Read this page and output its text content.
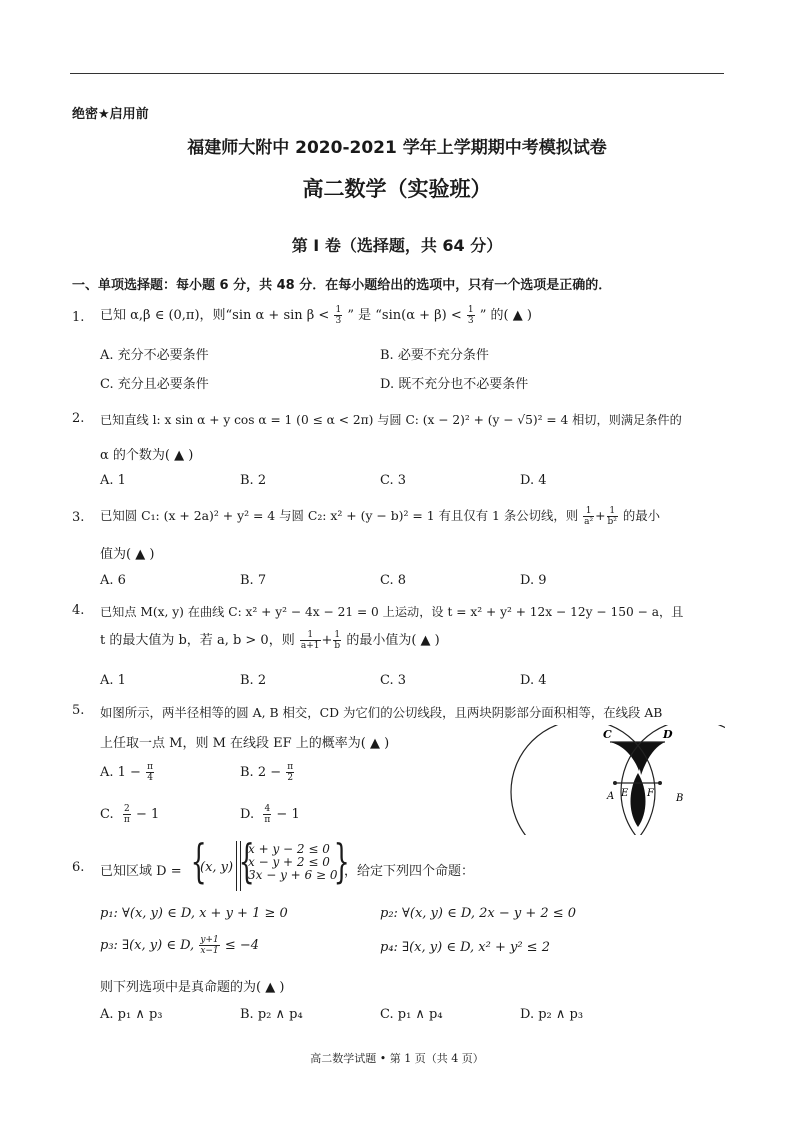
绝密★启用前
福建师大附中 2020-2021 学年上学期期中考模拟试卷
高二数学（实验班）
第 I 卷（选择题，共 64 分）
一、单项选择题：每小题 6 分，共 48 分．在每小题给出的选项中，只有一个选项是正确的．
1. 已知 α,β ∈ (0,π)，则“sin $\alpha + \sin \beta < \frac{1}{3}$ ” 是 “$\sin(\alpha + \beta) < \frac{1}{3}$ ” 的( ▲ )
A. 充分不必要条件	B. 必要不充分条件
C. 充分且必要条件	D. 既不充分也不必要条件
2. 已知直线 l: x sin α + y cos α = 1 (0 ≤ α < 2π) 与圆 C: (x − 2)² + (y − √5)² = 4 相切，则满足条件的
α 的个数为( ▲ )
A. 1	B. 2	C. 3	D. 4
3. 已知圆 C₁: (x + 2a)² + y² = 4 与圆 C₂: x² + (y − b)² = 1 有且仅有 1 条公切线，则 $\frac{1}{\text{a²}} + \frac{1}{\text{b²}}$ 的最小
值为( ▲ )
A. 6	B. 7	C. 8	D. 9
4. 已知点 M(x, y) 在曲线 C: x² + y² − 4x − 21 = 0 上运动，设 t = x² + y² + 12x − 12y − 150 − a，且
t 的最大值为 b，若 a, b > 0，则 $\frac{1}{a+1} + \frac{1}{b}$ 的最小值为( ▲ )
A. 1	B. 2	C. 3	D. 4
5. 如图所示，两半径相等的圆 A, B 相交，CD 为它们的公切线段，且两块阴影部分面积相等，在线段 AB
上任取一点 M，则 M 在线段 EF 上的概率为( ▲ )
A. $1 - \frac{\pi}{4}$	B. $2 - \frac{\pi}{2}$
C. $\frac{2}{\pi} - 1$	D. $\frac{4}{\pi} - 1$
C	D
A E F B
6. 已知区域 D = {
(x, y) {
x + y − 2 ≤ 0
x − y + 2 ≤ 0
3x − y + 6 ≥ 0
}
，给定下列四个命题：
p₁: ∀(x, y) ∈ D, x + y + 1 ≥ 0	p₂: ∀(x, y) ∈ D, 2x − y + 2 ≤ 0
p₃: ∃(x, y) ∈ D, $\frac{y+1}{x-1} \le -4$	p₄: ∃(x, y) ∈ D, x² + y² ≤ 2
则下列选项中是真命题的为( ▲ )
A. p₁ ∧ p₃	B. p₂ ∧ p₄	C. p₁ ∧ p₄	D. p₂ ∧ p₃
高二数学试题 • 第 1 页（共 4 页）
